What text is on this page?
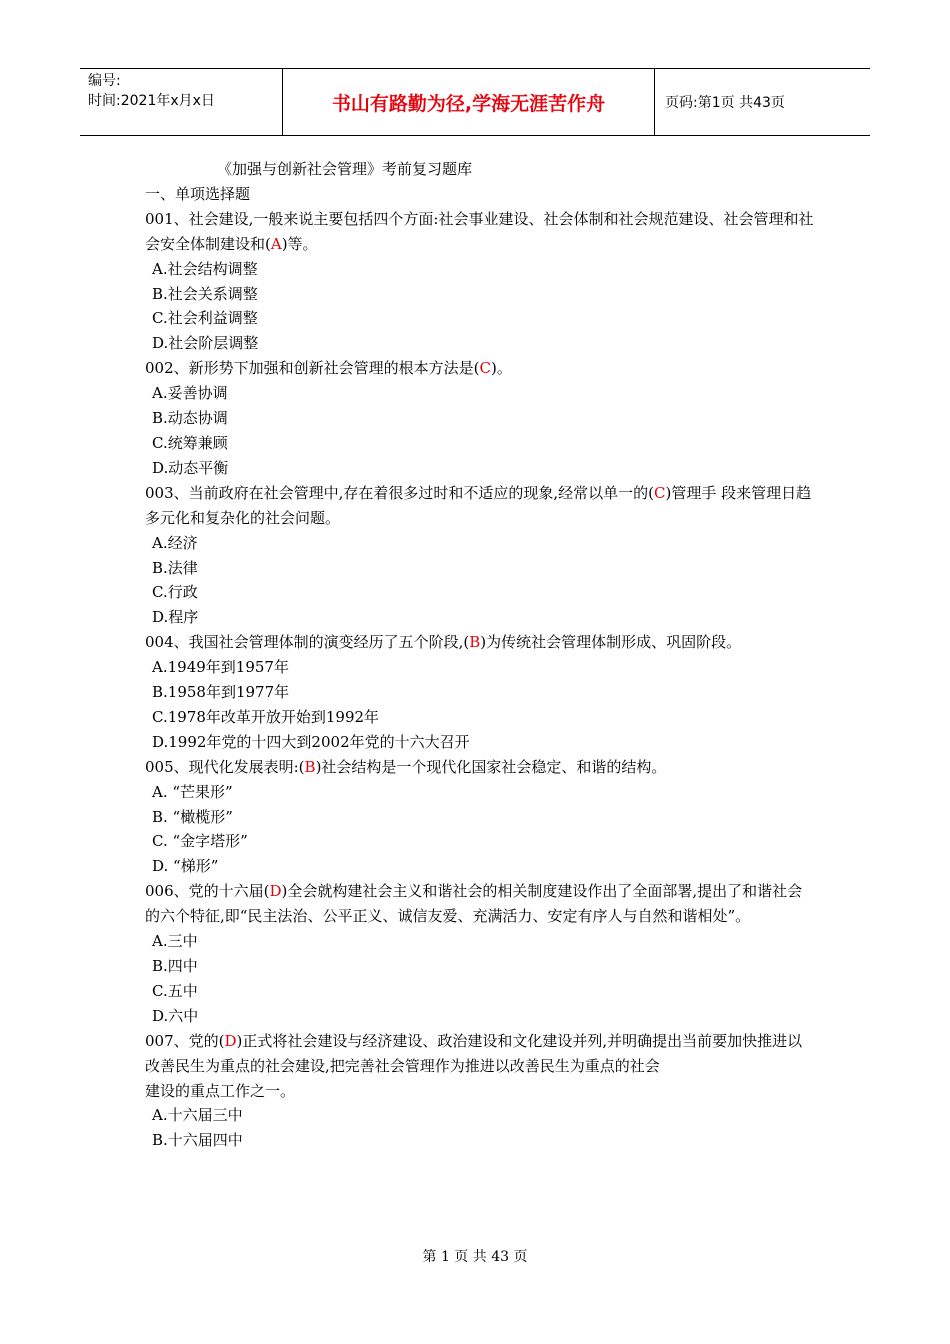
编号:
时间:2021年x月x日	书山有路勤为径,学海无涯苦作舟	页码:第1页 共43页
《加强与创新社会管理》考前复习题库
一、单项选择题
001、社会建设,一般来说主要包括四个方面:社会事业建设、社会体制和社会规范建设、社会管理和社会安全体制建设和(A)等。
A.社会结构调整
B.社会关系调整
C.社会利益调整
D.社会阶层调整
002、新形势下加强和创新社会管理的根本方法是(C)。
A.妥善协调
B.动态协调
C.统筹兼顾
D.动态平衡
003、当前政府在社会管理中,存在着很多过时和不适应的现象,经常以单一的(C)管理手 段来管理日趋多元化和复杂化的社会问题。
A.经济
B.法律
C.行政
D.程序
004、我国社会管理体制的演变经历了五个阶段,(B)为传统社会管理体制形成、巩固阶段。
A.1949年到1957年
B.1958年到1977年
C.1978年改革开放开始到1992年
D.1992年党的十四大到2002年党的十六大召开
005、现代化发展表明:(B)社会结构是一个现代化国家社会稳定、和谐的结构。
A. “芒果形”
B. “橄榄形”
C. “金字塔形”
D. “梯形”
006、党的十六届(D)全会就构建社会主义和谐社会的相关制度建设作出了全面部署,提出了和谐社会的六个特征,即“民主法治、公平正义、诚信友爱、充满活力、安定有序人与自然和谐相处”。
A.三中
B.四中
C.五中
D.六中
007、党的(D)正式将社会建设与经济建设、政治建设和文化建设并列,并明确提出当前要加快推进以改善民生为重点的社会建设,把完善社会管理作为推进以改善民生为重点的社会
建设的重点工作之一。
A.十六届三中
B.十六届四中
第 1 页 共 43 页
